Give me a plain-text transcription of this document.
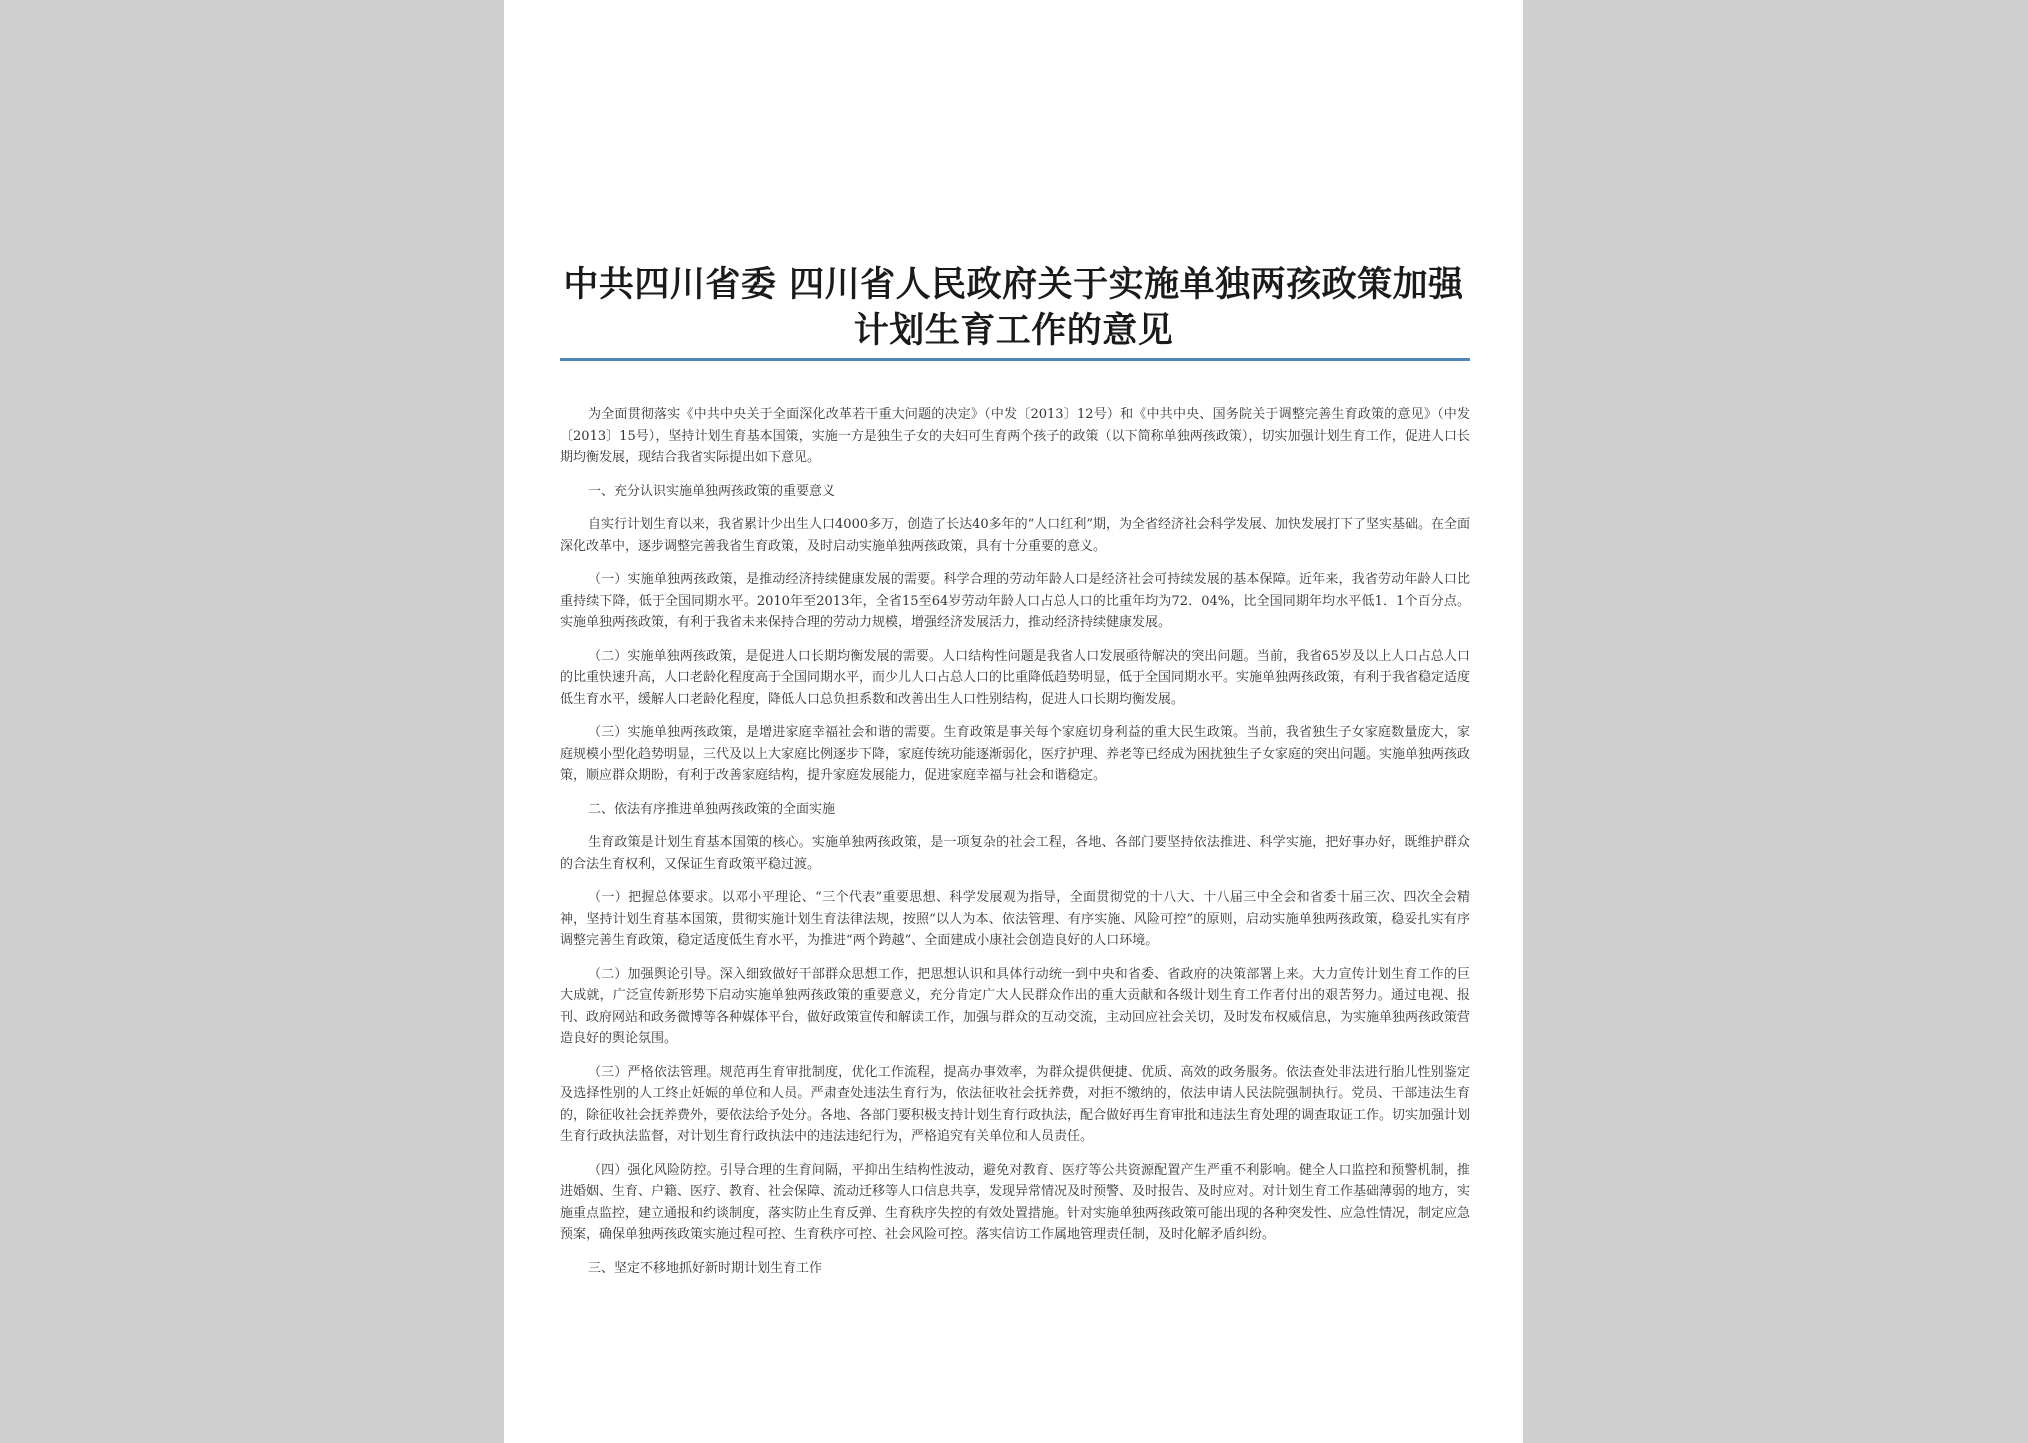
中共四川省委 四川省人民政府关于实施单独两孩政策加强计划生育工作的意见

为全面贯彻落实《中共中央关于全面深化改革若干重大问题的决定》（中发〔2013〕12号）和《中共中央、国务院关于调整完善生育政策的意见》（中发〔2013〕15号），坚持计划生育基本国策，实施一方是独生子女的夫妇可生育两个孩子的政策（以下简称单独两孩政策），切实加强计划生育工作，促进人口长期均衡发展，现结合我省实际提出如下意见。

一、充分认识实施单独两孩政策的重要意义

自实行计划生育以来，我省累计少出生人口4000多万，创造了长达40多年的“人口红利”期，为全省经济社会科学发展、加快发展打下了坚实基础。在全面深化改革中，逐步调整完善我省生育政策，及时启动实施单独两孩政策，具有十分重要的意义。

（一）实施单独两孩政策，是推动经济持续健康发展的需要。科学合理的劳动年龄人口是经济社会可持续发展的基本保障。近年来，我省劳动年龄人口比重持续下降，低于全国同期水平。2010年至2013年，全省15至64岁劳动年龄人口占总人口的比重年均为72．04%，比全国同期年均水平低1．1个百分点。实施单独两孩政策，有利于我省未来保持合理的劳动力规模，增强经济发展活力，推动经济持续健康发展。

（二）实施单独两孩政策，是促进人口长期均衡发展的需要。人口结构性问题是我省人口发展亟待解决的突出问题。当前，我省65岁及以上人口占总人口的比重快速升高，人口老龄化程度高于全国同期水平，而少儿人口占总人口的比重降低趋势明显，低于全国同期水平。实施单独两孩政策，有利于我省稳定适度低生育水平，缓解人口老龄化程度，降低人口总负担系数和改善出生人口性别结构，促进人口长期均衡发展。

（三）实施单独两孩政策，是增进家庭幸福社会和谐的需要。生育政策是事关每个家庭切身利益的重大民生政策。当前，我省独生子女家庭数量庞大，家庭规模小型化趋势明显，三代及以上大家庭比例逐步下降，家庭传统功能逐渐弱化，医疗护理、养老等已经成为困扰独生子女家庭的突出问题。实施单独两孩政策，顺应群众期盼，有利于改善家庭结构，提升家庭发展能力，促进家庭幸福与社会和谐稳定。

二、依法有序推进单独两孩政策的全面实施

生育政策是计划生育基本国策的核心。实施单独两孩政策，是一项复杂的社会工程，各地、各部门要坚持依法推进、科学实施，把好事办好，既维护群众的合法生育权利，又保证生育政策平稳过渡。

（一）把握总体要求。以邓小平理论、“三个代表”重要思想、科学发展观为指导，全面贯彻党的十八大、十八届三中全会和省委十届三次、四次全会精神，坚持计划生育基本国策，贯彻实施计划生育法律法规，按照“以人为本、依法管理、有序实施、风险可控”的原则，启动实施单独两孩政策，稳妥扎实有序调整完善生育政策，稳定适度低生育水平，为推进“两个跨越”、全面建成小康社会创造良好的人口环境。

（二）加强舆论引导。深入细致做好干部群众思想工作，把思想认识和具体行动统一到中央和省委、省政府的决策部署上来。大力宣传计划生育工作的巨大成就，广泛宣传新形势下启动实施单独两孩政策的重要意义，充分肯定广大人民群众作出的重大贡献和各级计划生育工作者付出的艰苦努力。通过电视、报刊、政府网站和政务微博等各种媒体平台，做好政策宣传和解读工作，加强与群众的互动交流，主动回应社会关切，及时发布权威信息，为实施单独两孩政策营造良好的舆论氛围。

（三）严格依法管理。规范再生育审批制度，优化工作流程，提高办事效率，为群众提供便捷、优质、高效的政务服务。依法查处非法进行胎儿性别鉴定及选择性别的人工终止妊娠的单位和人员。严肃查处违法生育行为，依法征收社会抚养费，对拒不缴纳的，依法申请人民法院强制执行。党员、干部违法生育的，除征收社会抚养费外，要依法给予处分。各地、各部门要积极支持计划生育行政执法，配合做好再生育审批和违法生育处理的调查取证工作。切实加强计划生育行政执法监督，对计划生育行政执法中的违法违纪行为，严格追究有关单位和人员责任。

（四）强化风险防控。引导合理的生育间隔，平抑出生结构性波动，避免对教育、医疗等公共资源配置产生严重不利影响。健全人口监控和预警机制，推进婚姻、生育、户籍、医疗、教育、社会保障、流动迁移等人口信息共享，发现异常情况及时预警、及时报告、及时应对。对计划生育工作基础薄弱的地方，实施重点监控，建立通报和约谈制度，落实防止生育反弹、生育秩序失控的有效处置措施。针对实施单独两孩政策可能出现的各种突发性、应急性情况，制定应急预案，确保单独两孩政策实施过程可控、生育秩序可控、社会风险可控。落实信访工作属地管理责任制，及时化解矛盾纠纷。

三、坚定不移地抓好新时期计划生育工作
